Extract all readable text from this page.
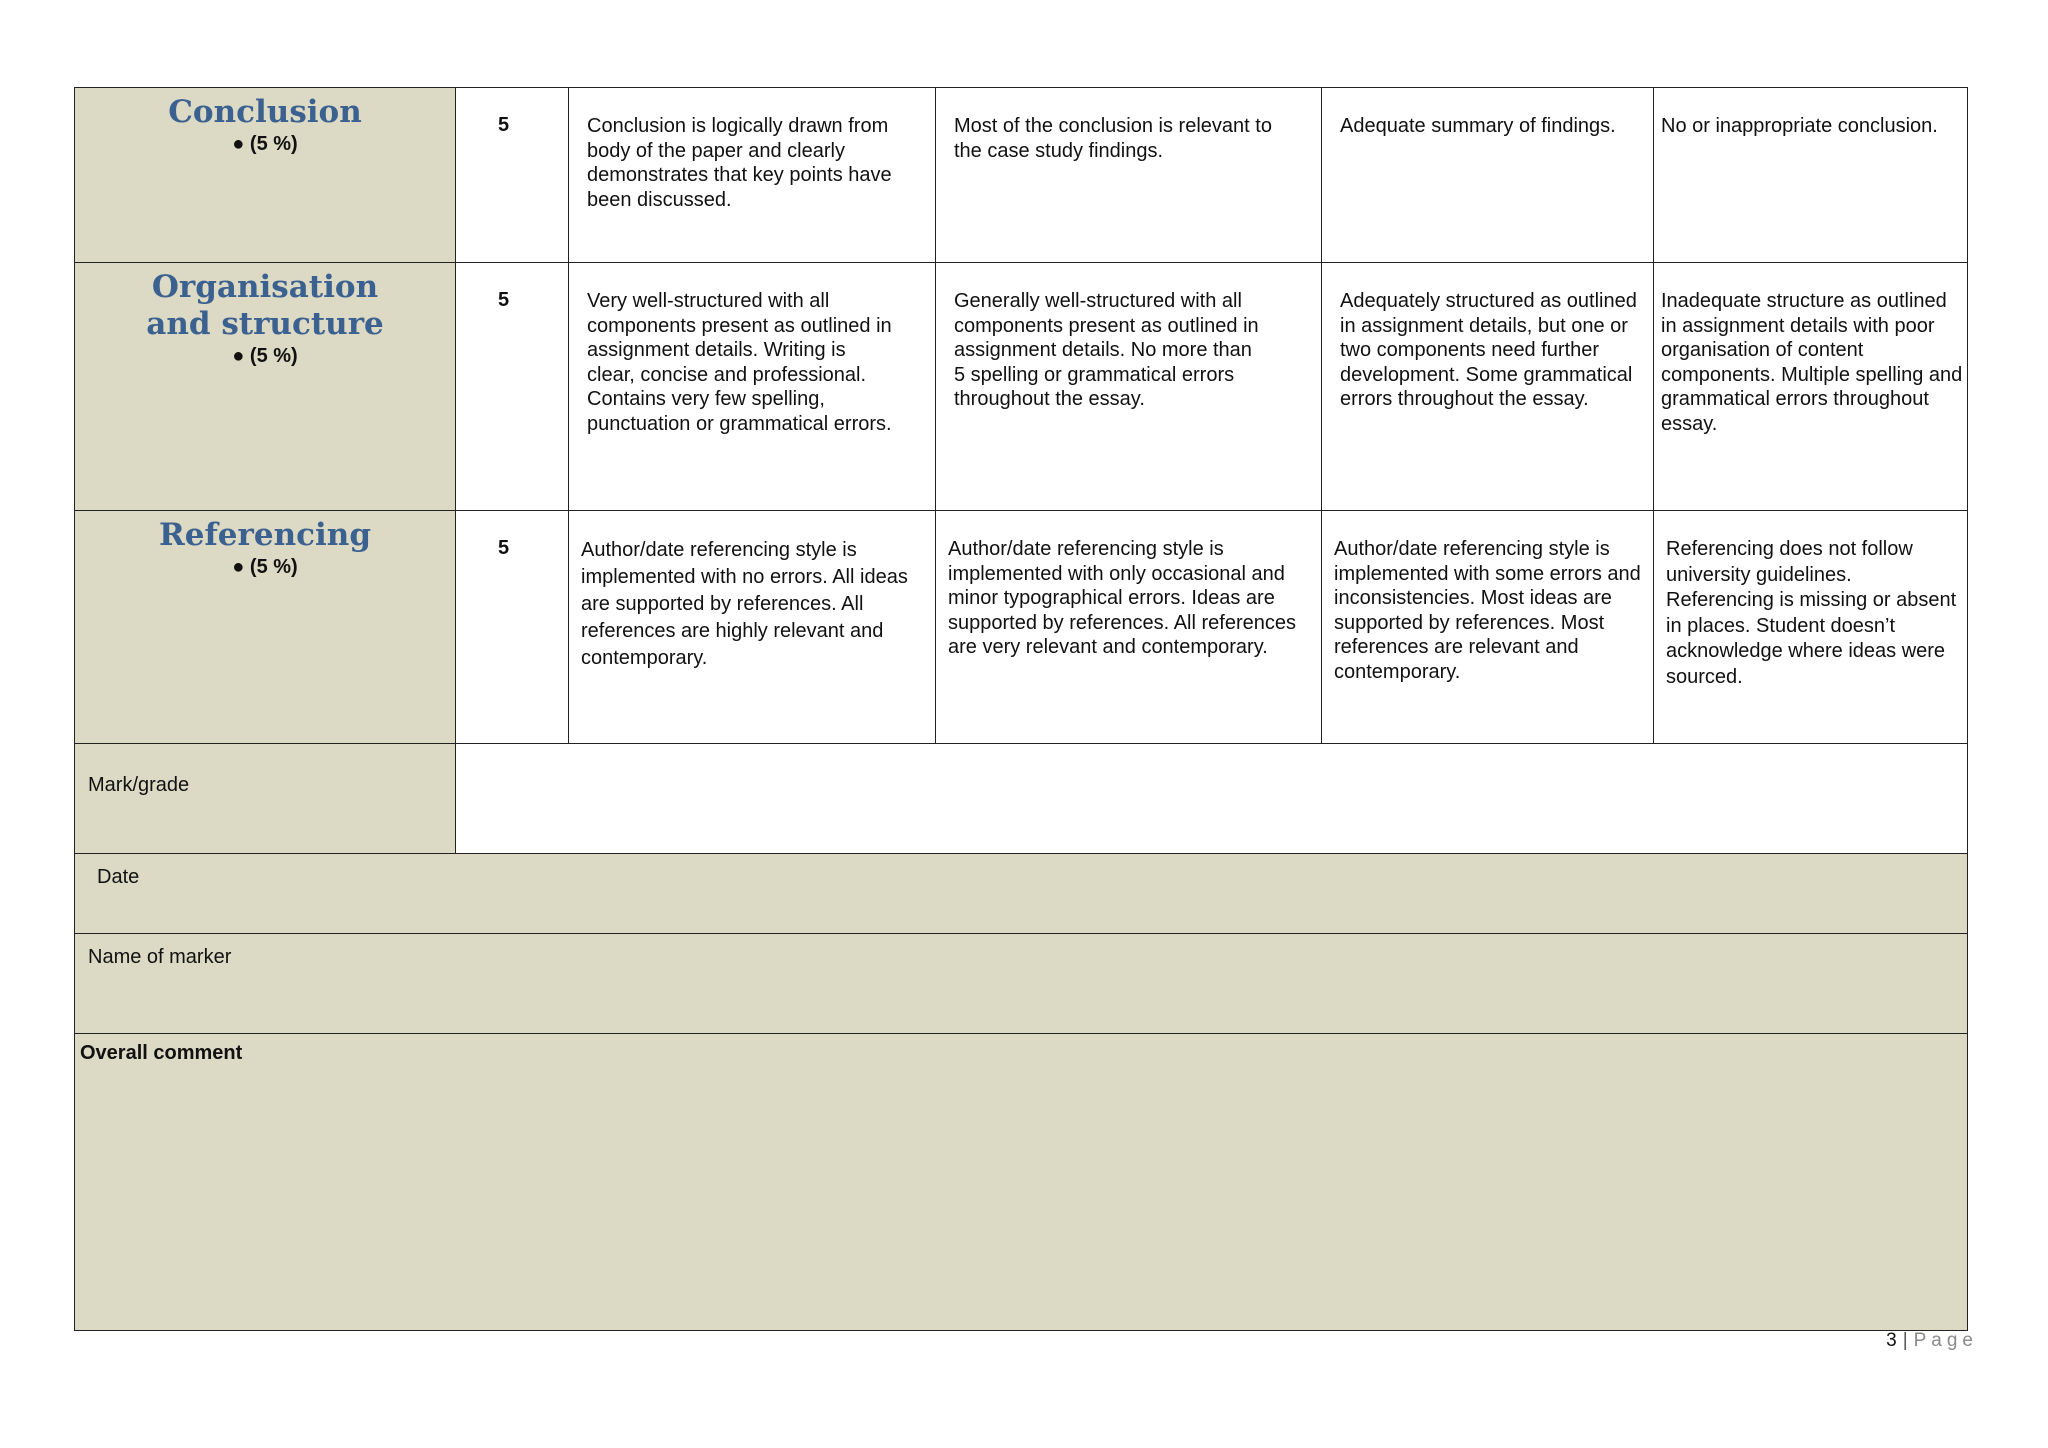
Conclusion
● (5 %)	5	Conclusion is logically drawn from body of the paper and clearly demonstrates that key points have been discussed.	Most of the conclusion is relevant to the case study findings.	Adequate summary of findings.	No or inappropriate conclusion.

Organisation and structure
● (5 %)	5	Very well-structured with all components present as outlined in assignment details. Writing is clear, concise and professional. Contains very few spelling, punctuation or grammatical errors.	Generally well-structured with all components present as outlined in assignment details. No more than 5 spelling or grammatical errors throughout the essay.	Adequately structured as outlined in assignment details, but one or two components need further development. Some grammatical errors throughout the essay.	Inadequate structure as outlined in assignment details with poor organisation of content components. Multiple spelling and grammatical errors throughout essay.

Referencing
● (5 %)	5	Author/date referencing style is implemented with no errors. All ideas are supported by references. All references are highly relevant and contemporary.	Author/date referencing style is implemented with only occasional and minor typographical errors. Ideas are supported by references. All references are very relevant and contemporary.	Author/date referencing style is implemented with some errors and inconsistencies. Most ideas are supported by references. Most references are relevant and contemporary.	Referencing does not follow university guidelines. Referencing is missing or absent in places. Student doesn’t acknowledge where ideas were sourced.

Mark/grade					
Date					
Name of marker					
Overall comment					
3 | Page
